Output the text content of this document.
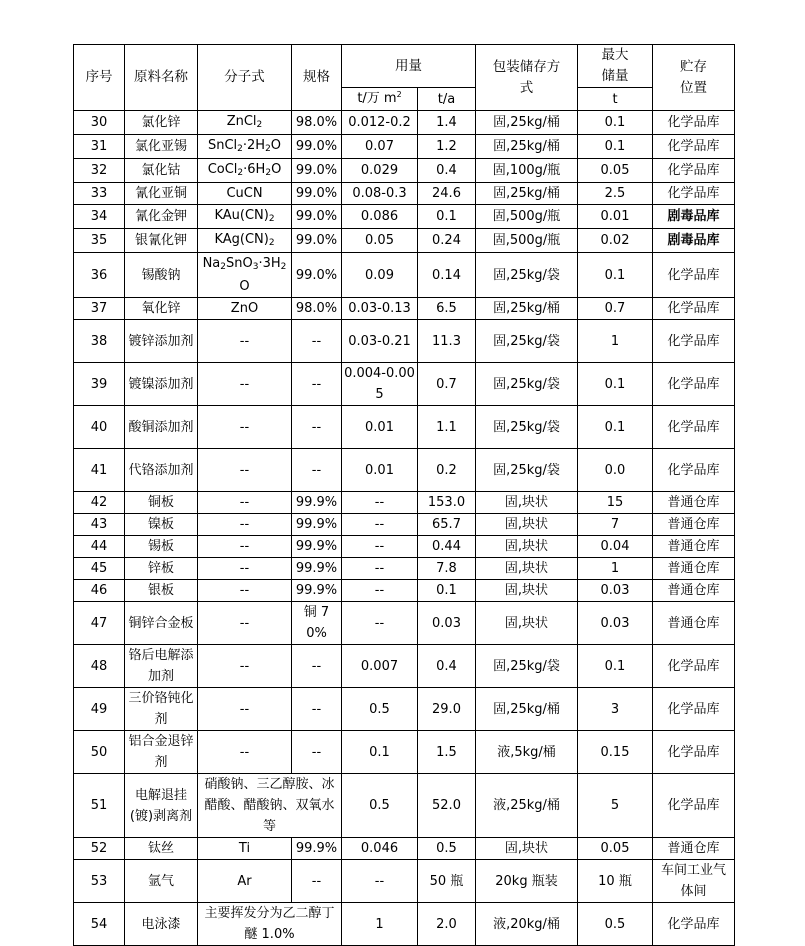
序号	原料名称	分子式	规格	用量		包装储存方式	最大储量	贮存位置
				t/万 $m^2$	t/a		t	
30	氯化锌	ZnCl$_2$	98.0%	0.012-0.2	1.4	固,25kg/桶	0.1	化学品库
31	氯化亚锡	$SnCl_2\cdot 2H_2O$	99.0%	0.07	1.2	固,25kg/桶	0.1	化学品库
32	氯化钴	$CoCl_2\cdot 6H_2O$	99.0%	0.029	0.4	固,100g/瓶	0.05	化学品库
33	氰化亚铜	CuCN	99.0%	0.08-0.3	24.6	固,25kg/桶	2.5	化学品库
34	氰化金钾	$KAu(CN)_2$	99.0%	0.086	0.1	固,500g/瓶	0.01	剧毒品库
35	银氰化钾	$KAg(CN)_2$	99.0%	0.05	0.24	固,500g/瓶	0.02	剧毒品库
36	锡酸钠	$Na_2SnO_3\cdot 3H_2O$	99.0%	0.09	0.14	固,25kg/袋	0.1	化学品库
37	氧化锌	ZnO	98.0%	0.03-0.13	6.5	固,25kg/桶	0.7	化学品库
38	镀锌添加剂	--	--	0.03-0.21	11.3	固,25kg/袋	1	化学品库
39	镀镍添加剂	--	--	0.004-0.005	0.7	固,25kg/袋	0.1	化学品库
40	酸铜添加剂	--	--	0.01	1.1	固,25kg/袋	0.1	化学品库
41	代铬添加剂	--	--	0.01	0.2	固,25kg/袋	0.0	化学品库
42	铜板	--	99.9%	--	153.0	固,块状	15	普通仓库
43	镍板	--	99.9%	--	65.7	固,块状	7	普通仓库
44	锡板	--	99.9%	--	0.44	固,块状	0.04	普通仓库
45	锌板	--	99.9%	--	7.8	固,块状	1	普通仓库
46	银板	--	99.9%	--	0.1	固,块状	0.03	普通仓库
47	铜锌合金板	--	铜 70%	--	0.03	固,块状	0.03	普通仓库
48	铬后电解添加剂	--	--	0.007	0.4	固,25kg/袋	0.1	化学品库
49	三价铬钝化剂	--	--	0.5	29.0	固,25kg/桶	3	化学品库
50	铝合金退锌剂	--	--	0.1	1.5	液,5kg/桶	0.15	化学品库
51	电解退挂(镀)剥离剂	硝酸钠、三乙醇胺、冰醋酸、醋酸钠、双氧水等		0.5	52.0	液,25kg/桶	5	化学品库
52	钛丝	Ti	99.9%	0.046	0.5	固,块状	0.05	普通仓库
53	氩气	Ar	--	--	50 瓶	20kg 瓶装	10 瓶	车间工业气体间
54	电泳漆	主要挥发分为乙二醇丁醚 1.0%		1	2.0	液,20kg/桶	0.5	化学品库
